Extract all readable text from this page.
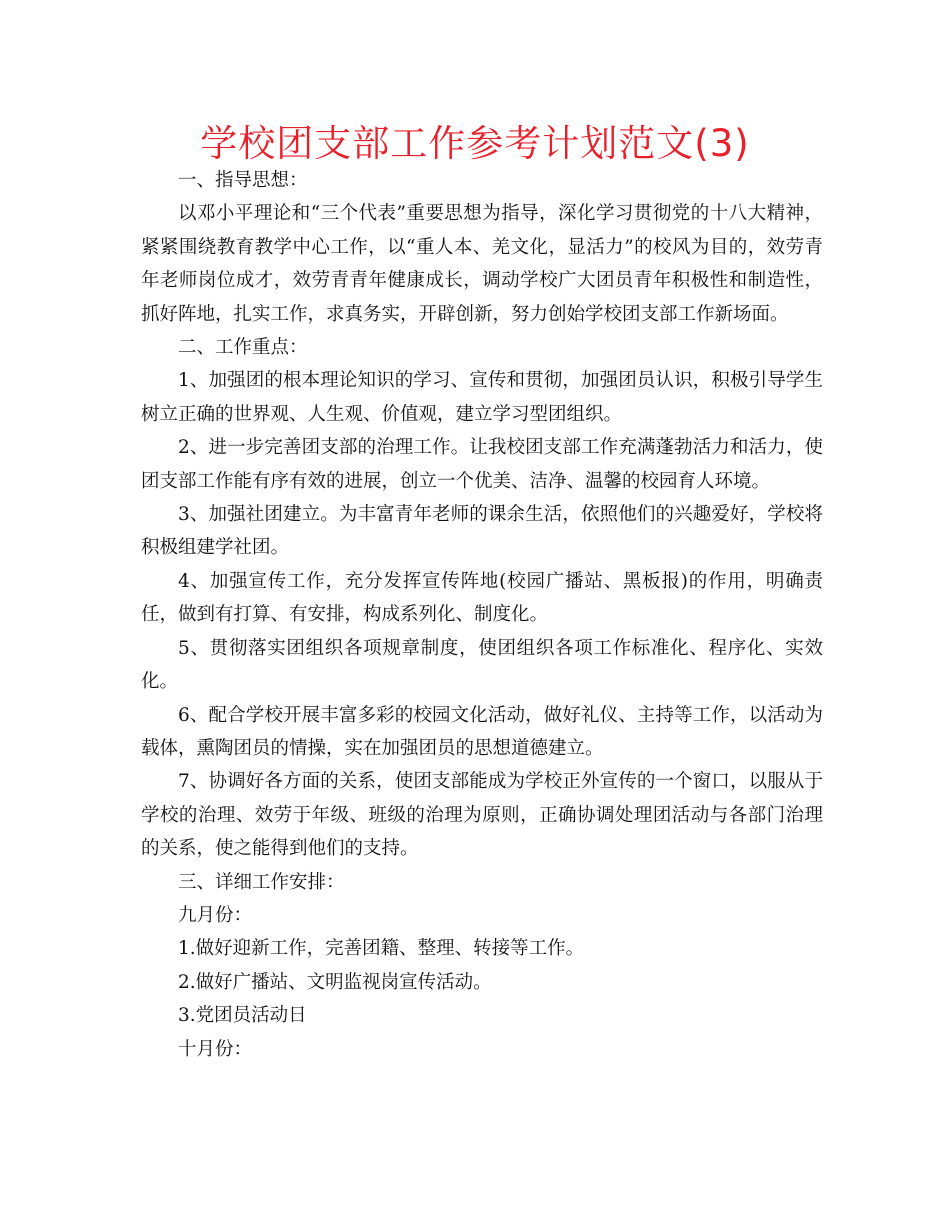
学校团支部工作参考计划范文(3)

一、指导思想：

以邓小平理论和“三个代表”重要思想为指导，深化学习贯彻党的十八大精神，紧紧围绕教育教学中心工作，以“重人本、羌文化，显活力”的校风为目的，效劳青年老师岗位成才，效劳青青年健康成长，调动学校广大团员青年积极性和制造性，抓好阵地，扎实工作，求真务实，开辟创新，努力创始学校团支部工作新场面。

二、工作重点：

1、加强团的根本理论知识的学习、宣传和贯彻，加强团员认识，积极引导学生树立正确的世界观、人生观、价值观，建立学习型团组织。

2、进一步完善团支部的治理工作。让我校团支部工作充满蓬勃活力和活力，使团支部工作能有序有效的进展，创立一个优美、洁净、温馨的校园育人环境。

3、加强社团建立。为丰富青年老师的课余生活，依照他们的兴趣爱好，学校将积极组建学社团。

4、加强宣传工作，充分发挥宣传阵地(校园广播站、黑板报)的作用，明确责任，做到有打算、有安排，构成系列化、制度化。

5、贯彻落实团组织各项规章制度，使团组织各项工作标准化、程序化、实效化。

6、配合学校开展丰富多彩的校园文化活动，做好礼仪、主持等工作，以活动为载体，熏陶团员的情操，实在加强团员的思想道德建立。

7、协调好各方面的关系，使团支部能成为学校正外宣传的一个窗口，以服从于学校的治理、效劳于年级、班级的治理为原则，正确协调处理团活动与各部门治理的关系，使之能得到他们的支持。

三、详细工作安排：

九月份：

1.做好迎新工作，完善团籍、整理、转接等工作。

2.做好广播站、文明监视岗宣传活动。

3.党团员活动日

十月份：
